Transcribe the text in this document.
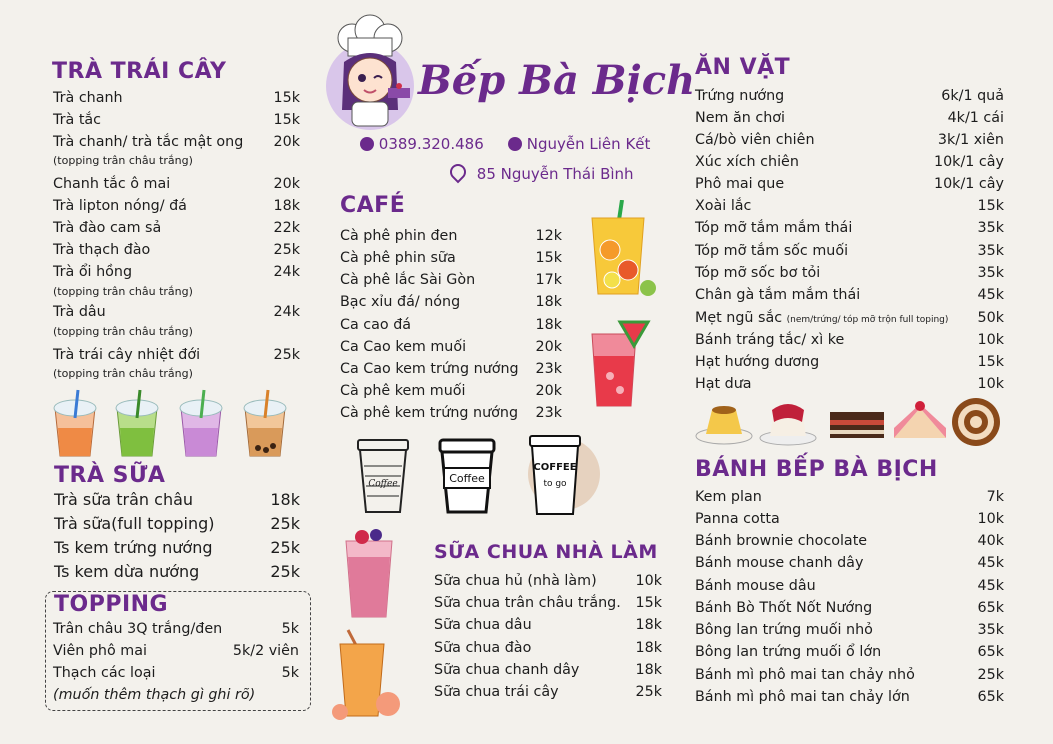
TRÀ TRÁI CÂY
Trà chanh	15k
Trà tắc	15k
Trà chanh/ trà tắc mật ong 20k
(topping trân châu trắng)
Chanh tắc ô mai	20k
Trà lipton nóng/ đá	18k
Trà đào cam sả	22k
Trà thạch đào	25k
Trà ổi hồng	24k
(topping trân châu trắng)
Trà dâu	24k
(topping trân châu trắng)
Trà trái cây nhiệt đới	25k
(topping trân châu trắng)
TRÀ SỮA
Trà sữa trân châu	18k
Trà sữa(full topping)	25k
Ts kem trứng nướng	25k
Ts kem dừa nướng	25k
TOPPING
Trân châu 3Q trắng/đen	5k
Viên phô mai	5k/2 viên
Thạch các loại	5k
(muốn thêm thạch gì ghi rõ)
Bếp Bà Bịch
0389.320.486	Nguyễn Liên Kết
85 Nguyễn Thái Bình
CAFÉ
Cà phê phin đen	12k
Cà phê phin sữa	15k
Cà phê lắc Sài Gòn	17k
Bạc xỉu đá/ nóng	18k
Ca cao đá	18k
Ca Cao kem muối	20k
Ca Cao kem trứng nướng 23k
Cà phê kem muối	20k
Cà phê kem trứng nướng 23k
Coffee	Coffee
COFFEE
to go
SỮA CHUA NHÀ LÀM
Sữa chua hủ (nhà làm)	10k
Sữa chua trân châu trắng. 15k
Sữa chua dâu	18k
Sữa chua đào	18k
Sữa chua chanh dây	18k
Sữa chua trái cây	25k
ĂN VẶT
Trứng nướng	6k/1 quả
Nem ăn chơi	4k/1 cái
Cá/bò viên chiên	3k/1 xiên
Xúc xích chiên	10k/1 cây
Phô mai que	10k/1 cây
Xoài lắc	15k
Tóp mỡ tắm mắm thái	35k
Tóp mỡ tắm sốc muối	35k
Tóp mỡ sốc bơ tỏi	35k
Chân gà tắm mắm thái	45k
Mẹt ngũ sắc (nem/trứng/ tóp mỡ trộn full toping) 50k
Bánh tráng tắc/ xì ke	10k
Hạt hướng dương	15k
Hạt dưa	10k
BÁNH BẾP BÀ BỊCH
Kem plan	7k
Panna cotta	10k
Bánh brownie chocolate	40k
Bánh mouse chanh dây	45k
Bánh mouse dâu	45k
Bánh Bò Thốt Nốt Nướng	65k
Bông lan trứng muối nhỏ	35k
Bông lan trứng muối ổ lớn	65k
Bánh mì phô mai tan chảy nhỏ	25k
Bánh mì phô mai tan chảy lớn	65k
